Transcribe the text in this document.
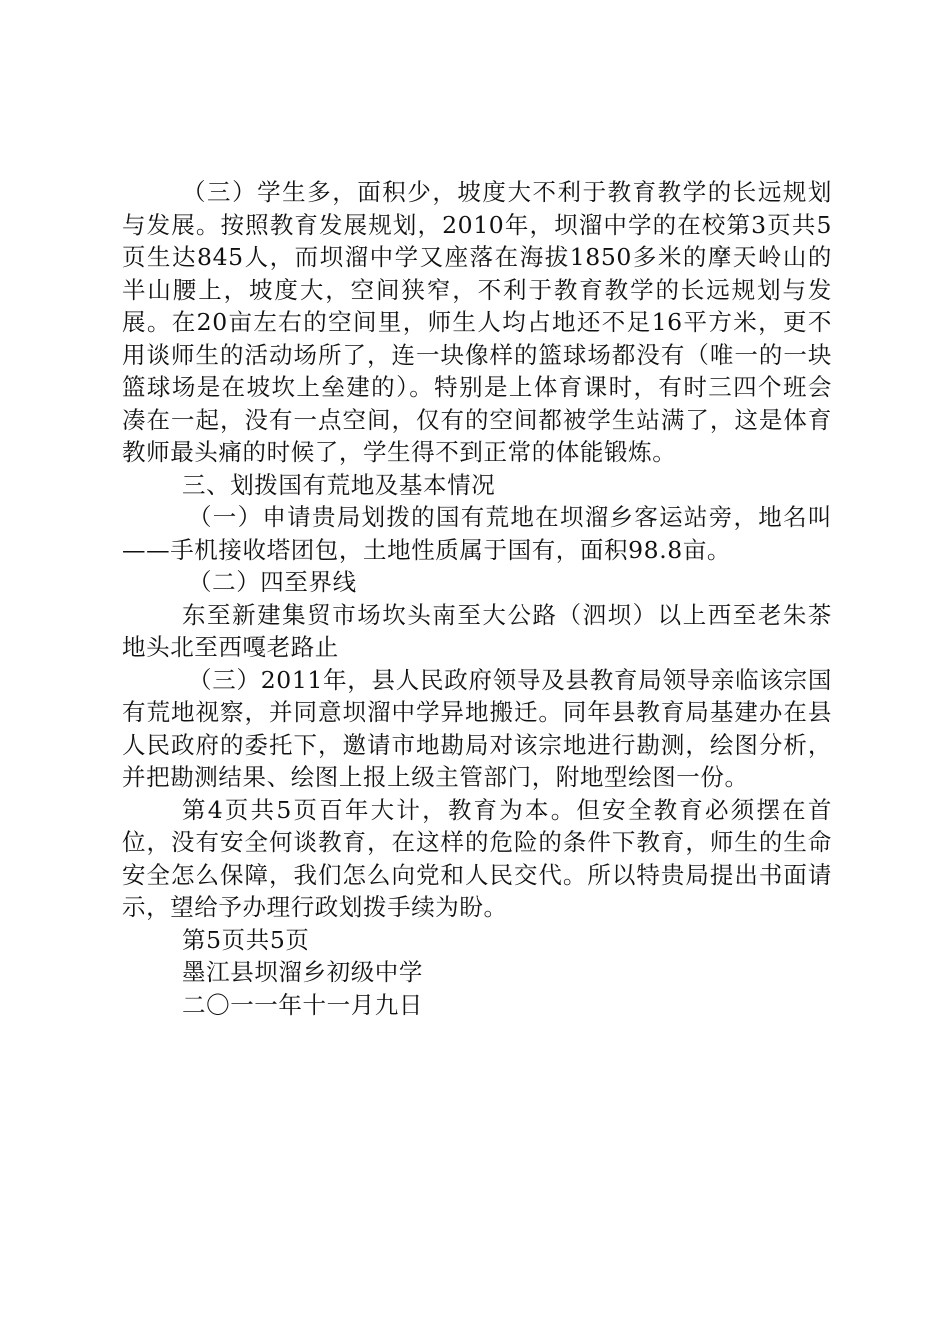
（三）学生多，面积少，坡度大不利于教育教学的长远规划与发展。按照教育发展规划，2010年，坝溜中学的在校第3页共5页生达845人，而坝溜中学又座落在海拔1850多米的摩天岭山的半山腰上，坡度大，空间狭窄，不利于教育教学的长远规划与发展。在20亩左右的空间里，师生人均占地还不足16平方米，更不用谈师生的活动场所了，连一块像样的篮球场都没有（唯一的一块篮球场是在坡坎上垒建的）。特别是上体育课时，有时三四个班会凑在一起，没有一点空间，仅有的空间都被学生站满了，这是体育教师最头痛的时候了，学生得不到正常的体能锻炼。

三、划拨国有荒地及基本情况

（一）申请贵局划拨的国有荒地在坝溜乡客运站旁，地名叫——手机接收塔团包，土地性质属于国有，面积98.8亩。

（二）四至界线

东至新建集贸市场坎头南至大公路（泗坝）以上西至老朱茶地头北至西嘎老路止

（三）2011年，县人民政府领导及县教育局领导亲临该宗国有荒地视察，并同意坝溜中学异地搬迁。同年县教育局基建办在县人民政府的委托下，邀请市地勘局对该宗地进行勘测，绘图分析，并把勘测结果、绘图上报上级主管部门，附地型绘图一份。

第4页共5页百年大计，教育为本。但安全教育必须摆在首位，没有安全何谈教育，在这样的危险的条件下教育，师生的生命安全怎么保障，我们怎么向党和人民交代。所以特贵局提出书面请示，望给予办理行政划拨手续为盼。

第5页共5页

墨江县坝溜乡初级中学

二〇一一年十一月九日
